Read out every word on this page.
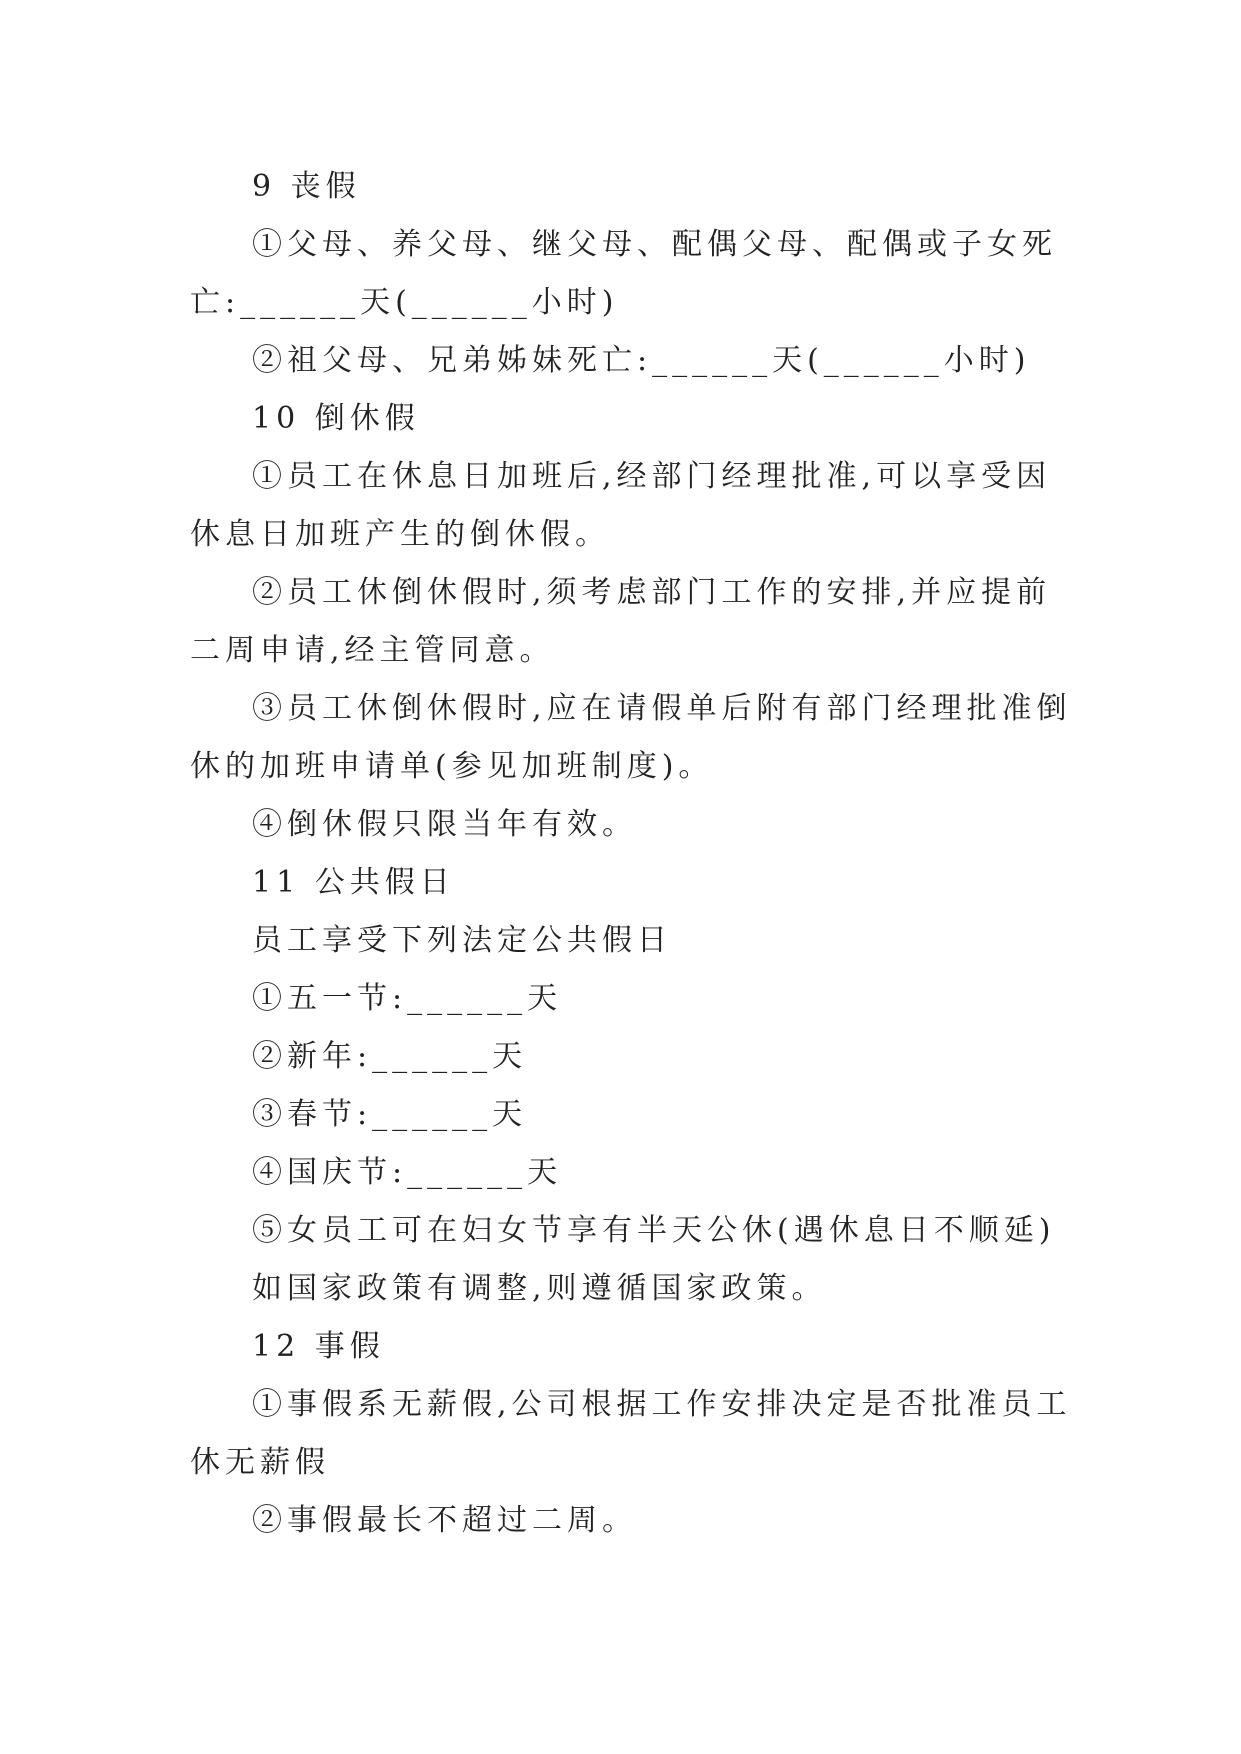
9 丧假
①父母、养父母、继父母、配偶父母、配偶或子女死
亡:______天(______小时)
②祖父母、兄弟姊妹死亡:______天(______小时)
10 倒休假
①员工在休息日加班后,经部门经理批准,可以享受因
休息日加班产生的倒休假。
②员工休倒休假时,须考虑部门工作的安排,并应提前
二周申请,经主管同意。
③员工休倒休假时,应在请假单后附有部门经理批准倒
休的加班申请单(参见加班制度)。
④倒休假只限当年有效。
11 公共假日
员工享受下列法定公共假日
①五一节:______天
②新年:______天
③春节:______天
④国庆节:______天
⑤女员工可在妇女节享有半天公休(遇休息日不顺延)
如国家政策有调整,则遵循国家政策。
12 事假
①事假系无薪假,公司根据工作安排决定是否批准员工
休无薪假
②事假最长不超过二周。
